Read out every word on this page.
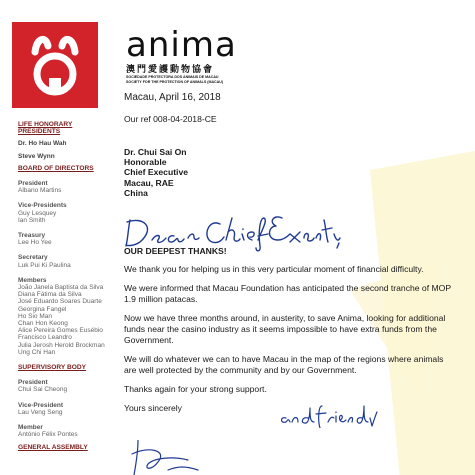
anima
澳門愛護動物協會
SOCIEDADE PROTECTORA DOS ANIMAIS DE MACAU
SOCIETY FOR THE PROTECTION OF ANIMALS (MACAU)
Macau, April 16, 2018
LIFE HONORARY
PRESIDENTS
Dr. Ho Hau Wah
Steve Wynn
BOARD OF DIRECTORS
President
Albano Martins
Vice-Presidents
Guy Lesquey
Ian Smith
Treasury
Lee Ho Yee
Secretary
Luk Pui Ki Paulina
Members
João Janela Baptista da Silva
Diana Fátima da Silva
José Eduardo Soares Duarte
Georgina Fangel
Ho Sio Man
Chan Hon Keong
Alice Pereira Gomes Eusébio
Francisco Leandro
Julia Jerosh Herold Brockman
Ung Chi Han
SUPERVISORY BODY
President
Chui Sai Cheong
Vice-President
Lau Veng Seng
Member
António Félix Pontes
GENERAL ASSEMBLY
Our ref 008-04-2018-CE
Dr. Chui Sai On
Honorable
Chief Executive
Macau, RAE
China
OUR DEEPEST THANKS!

We thank you for helping us in this very particular moment of financial difficulty.

We were informed that Macau Foundation has anticipated the second tranche of MOP 1.9 million patacas.

Now we have three months around, in austerity, to save Anima, looking for additional funds near the casino industry as it seems impossible to have extra funds from the Government.

We will do whatever we can to have Macau in the map of the regions where animals are well protected by the community and by our Government.

Thanks again for your strong support.

Yours sincerely
